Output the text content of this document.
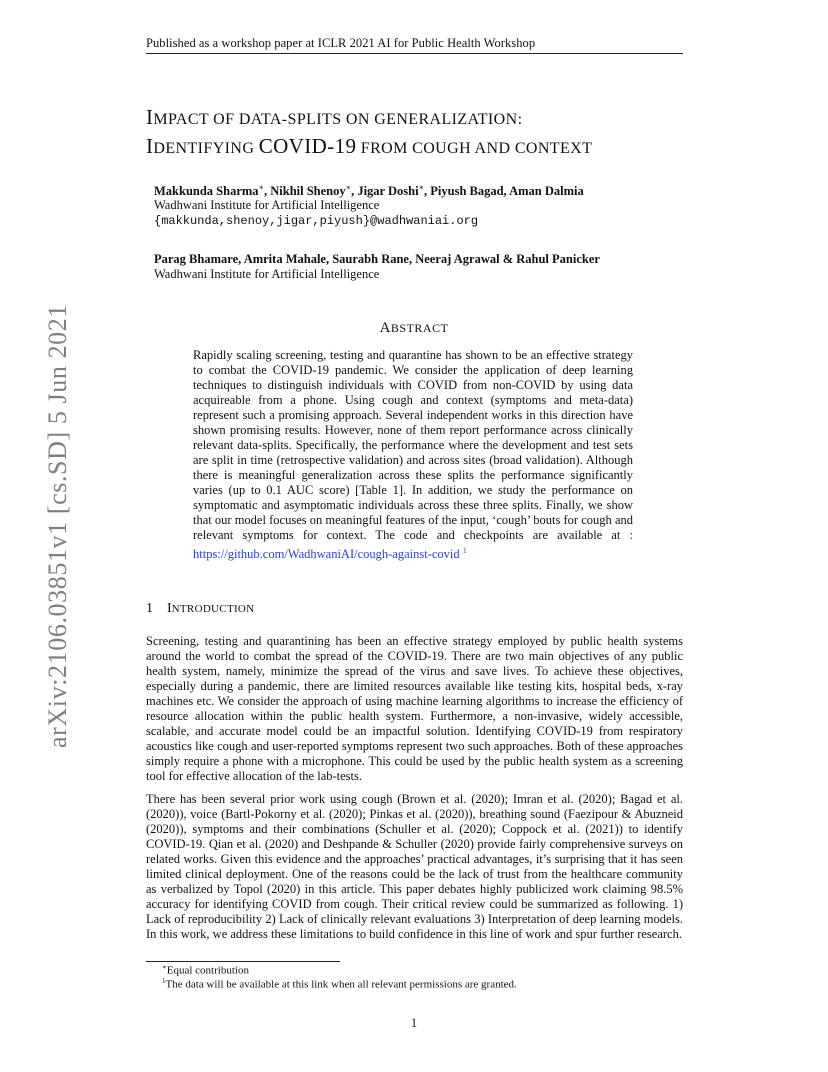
Published as a workshop paper at ICLR 2021 AI for Public Health Workshop
arXiv:2106.03851v1 [cs.SD] 5 Jun 2021
IMPACT OF DATA-SPLITS ON GENERALIZATION:
IDENTIFYING COVID-19 FROM COUGH AND CONTEXT
Makkunda Sharma∗, Nikhil Shenoy∗, Jigar Doshi∗, Piyush Bagad, Aman Dalmia
Wadhwani Institute for Artificial Intelligence
{makkunda,shenoy,jigar,piyush}@wadhwaniai.org
Parag Bhamare, Amrita Mahale, Saurabh Rane, Neeraj Agrawal & Rahul Panicker
Wadhwani Institute for Artificial Intelligence
ABSTRACT
Rapidly scaling screening, testing and quarantine has shown to be an effective strategy to combat the COVID-19 pandemic. We consider the application of deep learning techniques to distinguish individuals with COVID from non-COVID by using data acquireable from a phone. Using cough and context (symptoms and meta-data) represent such a promising approach. Several independent works in this direction have shown promising results. However, none of them report performance across clinically relevant data-splits. Specifically, the performance where the development and test sets are split in time (retrospective validation) and across sites (broad validation). Although there is meaningful generalization across these splits the performance significantly varies (up to 0.1 AUC score) [Table 1]. In addition, we study the performance on symptomatic and asymptomatic individuals across these three splits. Finally, we show that our model focuses on meaningful features of the input, ‘cough’ bouts for cough and relevant symptoms for context. The code and checkpoints are available at : https://github.com/WadhwaniAI/cough-against-covid $^1$
1 INTRODUCTION
Screening, testing and quarantining has been an effective strategy employed by public health systems around the world to combat the spread of the COVID-19. There are two main objectives of any public health system, namely, minimize the spread of the virus and save lives. To achieve these objectives, especially during a pandemic, there are limited resources available like testing kits, hospital beds, x-ray machines etc. We consider the approach of using machine learning algorithms to increase the efficiency of resource allocation within the public health system. Furthermore, a non-invasive, widely accessible, scalable, and accurate model could be an impactful solution. Identifying COVID-19 from respiratory acoustics like cough and user-reported symptoms represent two such approaches. Both of these approaches simply require a phone with a microphone. This could be used by the public health system as a screening tool for effective allocation of the lab-tests.
There has been several prior work using cough (Brown et al. (2020); Imran et al. (2020); Bagad et al. (2020)), voice (Bartl-Pokorny et al. (2020); Pinkas et al. (2020)), breathing sound (Faezipour & Abuzneid (2020)), symptoms and their combinations (Schuller et al. (2020); Coppock et al. (2021)) to identify COVID-19. Qian et al. (2020) and Deshpande & Schuller (2020) provide fairly comprehensive surveys on related works. Given this evidence and the approaches’ practical advantages, it’s surprising that it has seen limited clinical deployment. One of the reasons could be the lack of trust from the healthcare community as verbalized by Topol (2020) in this article. This paper debates highly publicized work claiming 98.5% accuracy for identifying COVID from cough. Their critical review could be summarized as following. 1) Lack of reproducibility 2) Lack of clinically relevant evaluations 3) Interpretation of deep learning models. In this work, we address these limitations to build confidence in this line of work and spur further research.
∗Equal contribution
$^1$The data will be available at this link when all relevant permissions are granted.
1
